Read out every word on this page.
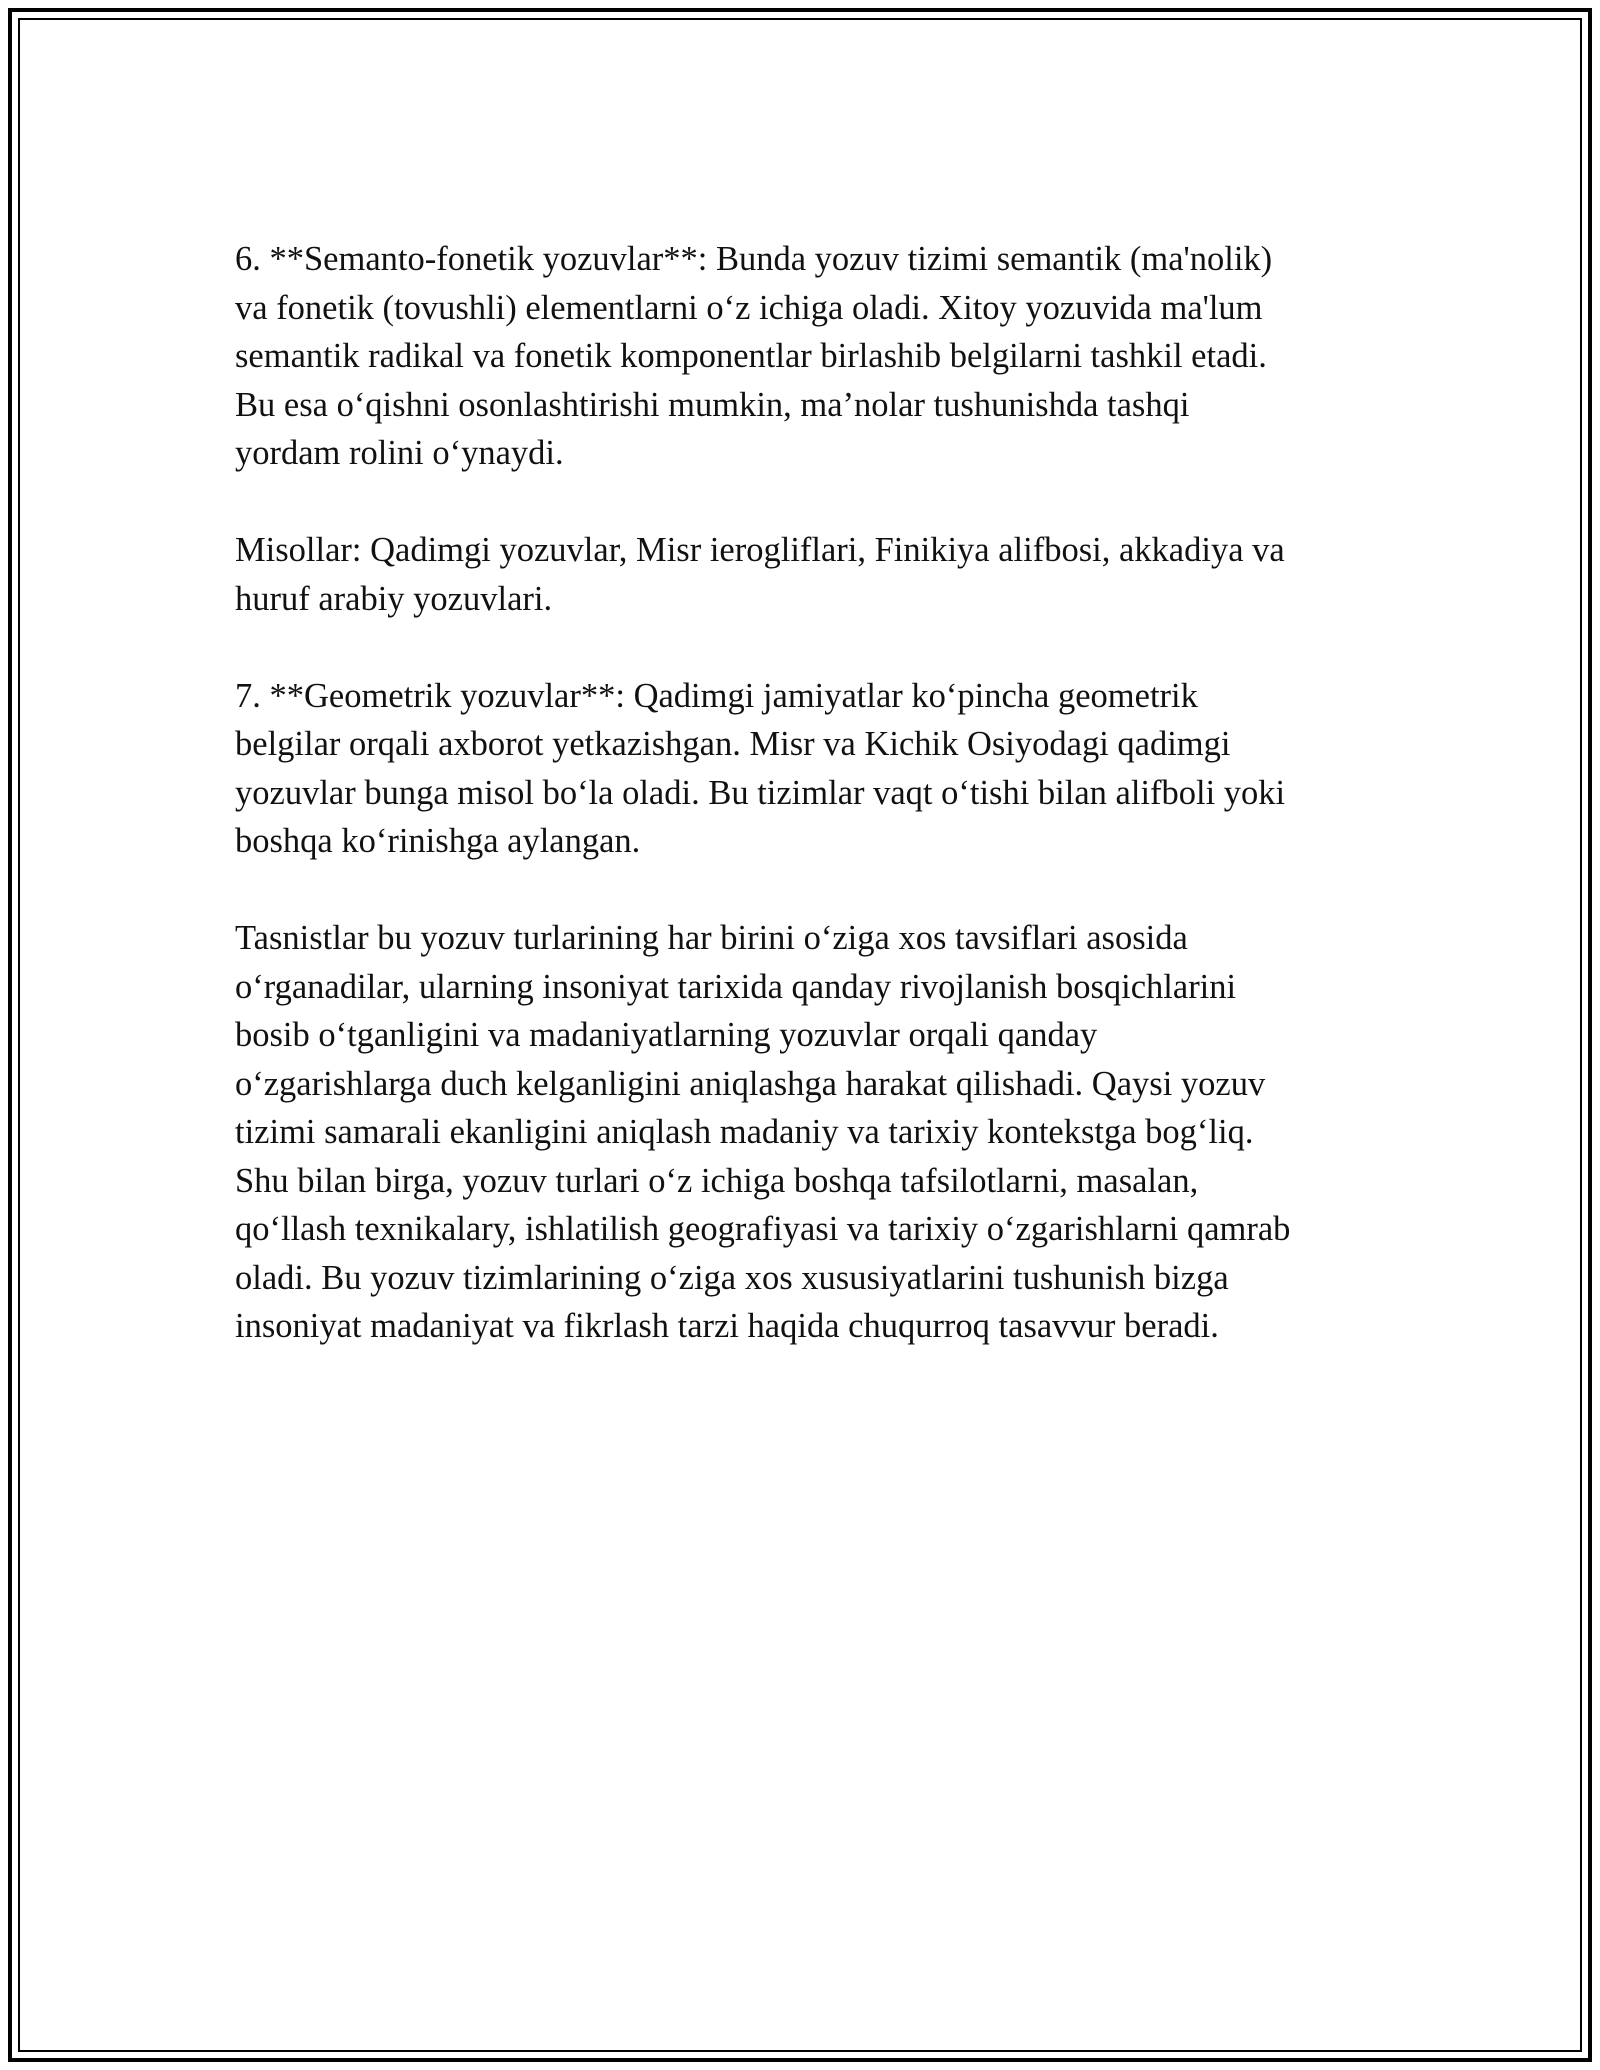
6. **Semanto-fonetik yozuvlar**: Bunda yozuv tizimi semantik (ma'nolik)
va fonetik (tovushli) elementlarni o‘z ichiga oladi. Xitoy yozuvida ma'lum
semantik radikal va fonetik komponentlar birlashib belgilarni tashkil etadi.
Bu esa o‘qishni osonlashtirishi mumkin, ma’nolar tushunishda tashqi
yordam rolini o‘ynaydi.

Misollar: Qadimgi yozuvlar, Misr ierogliflari, Finikiya alifbosi, akkadiya va
huruf arabiy yozuvlari.

7. **Geometrik yozuvlar**: Qadimgi jamiyatlar ko‘pincha geometrik
belgilar orqali axborot yetkazishgan. Misr va Kichik Osiyodagi qadimgi
yozuvlar bunga misol bo‘la oladi. Bu tizimlar vaqt o‘tishi bilan alifboli yoki
boshqa ko‘rinishga aylangan.

Tasnistlar bu yozuv turlarining har birini o‘ziga xos tavsiflari asosida
o‘rganadilar, ularning insoniyat tarixida qanday rivojlanish bosqichlarini
bosib o‘tganligini va madaniyatlarning yozuvlar orqali qanday
o‘zgarishlarga duch kelganligini aniqlashga harakat qilishadi. Qaysi yozuv
tizimi samarali ekanligini aniqlash madaniy va tarixiy kontekstga bog‘liq.
Shu bilan birga, yozuv turlari o‘z ichiga boshqa tafsilotlarni, masalan,
qo‘llash texnikalary, ishlatilish geografiyasi va tarixiy o‘zgarishlarni qamrab
oladi. Bu yozuv tizimlarining o‘ziga xos xususiyatlarini tushunish bizga
insoniyat madaniyat va fikrlash tarzi haqida chuqurroq tasavvur beradi.
